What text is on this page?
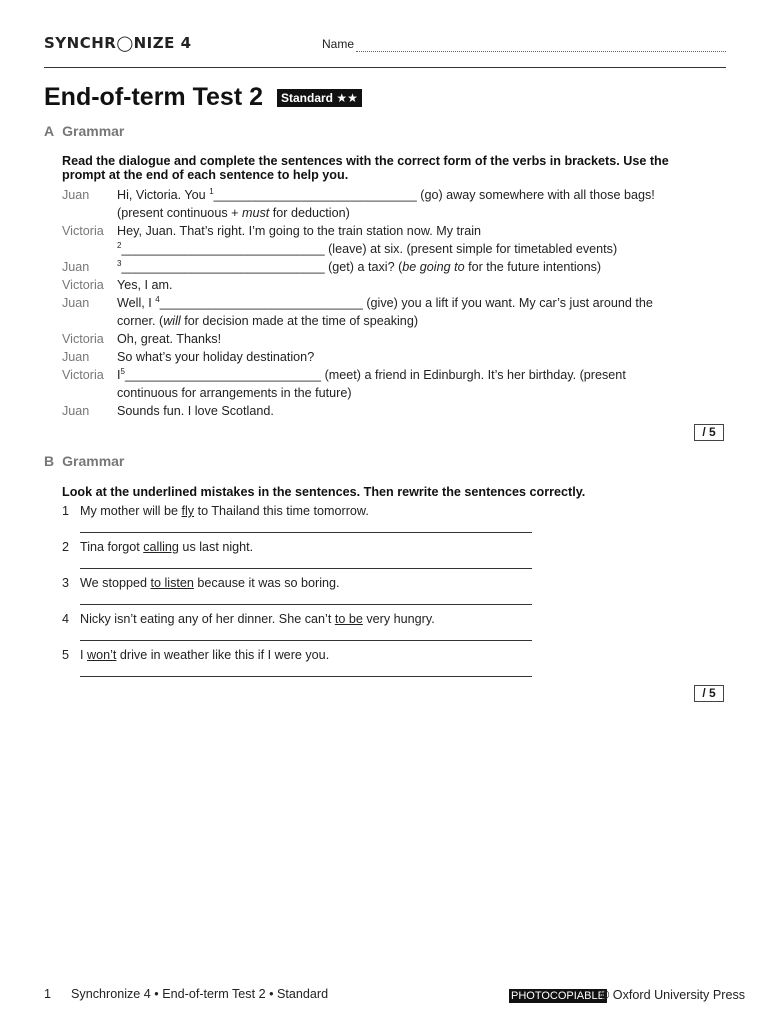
SYNCHR◯NIZE 4	Name
End-of-term Test 2	Standard ★★
A Grammar
Read the dialogue and complete the sentences with the correct form of the verbs in brackets. Use the prompt at the end of each sentence to help you.
Juan	Hi, Victoria. You $^1$_____________________________ (go) away somewhere with all those bags!
(present continuous + must for deduction)
Victoria	Hey, Juan. That’s right. I’m going to the train station now. My train
$^2$_____________________________ (leave) at six. (present simple for timetabled events)
Juan	$^3$_____________________________ (get) a taxi? (be going to for the future intentions)
Victoria	Yes, I am.
Juan	Well, I $^4$_____________________________ (give) you a lift if you want. My car’s just around the
corner. (will for decision made at the time of speaking)
Victoria	Oh, great. Thanks!
Juan	So what’s your holiday destination?
Victoria	$I^5\_\_\_\_\_\_\_\_\_\_\_\_\_\_\_\_\_\_\_\_\_\_\_\_\_\_\_\_$ (meet) a friend in Edinburgh. It’s her birthday. (present
continuous for arrangements in the future)
Juan	Sounds fun. I love Scotland.
/ 5
B Grammar
Look at the underlined mistakes in the sentences. Then rewrite the sentences correctly.
1 My mother will be fly to Thailand this time tomorrow.
2 Tina forgot calling us last night.
3 We stopped to listen because it was so boring.
4 Nicky isn’t eating any of her dinner. She can’t to be very hungry.
5 I won’t drive in weather like this if I were you.
/ 5
1 Synchronize 4 • End-of-term Test 2 • Standard	PHOTOCOPIABLE
© Oxford University Press
